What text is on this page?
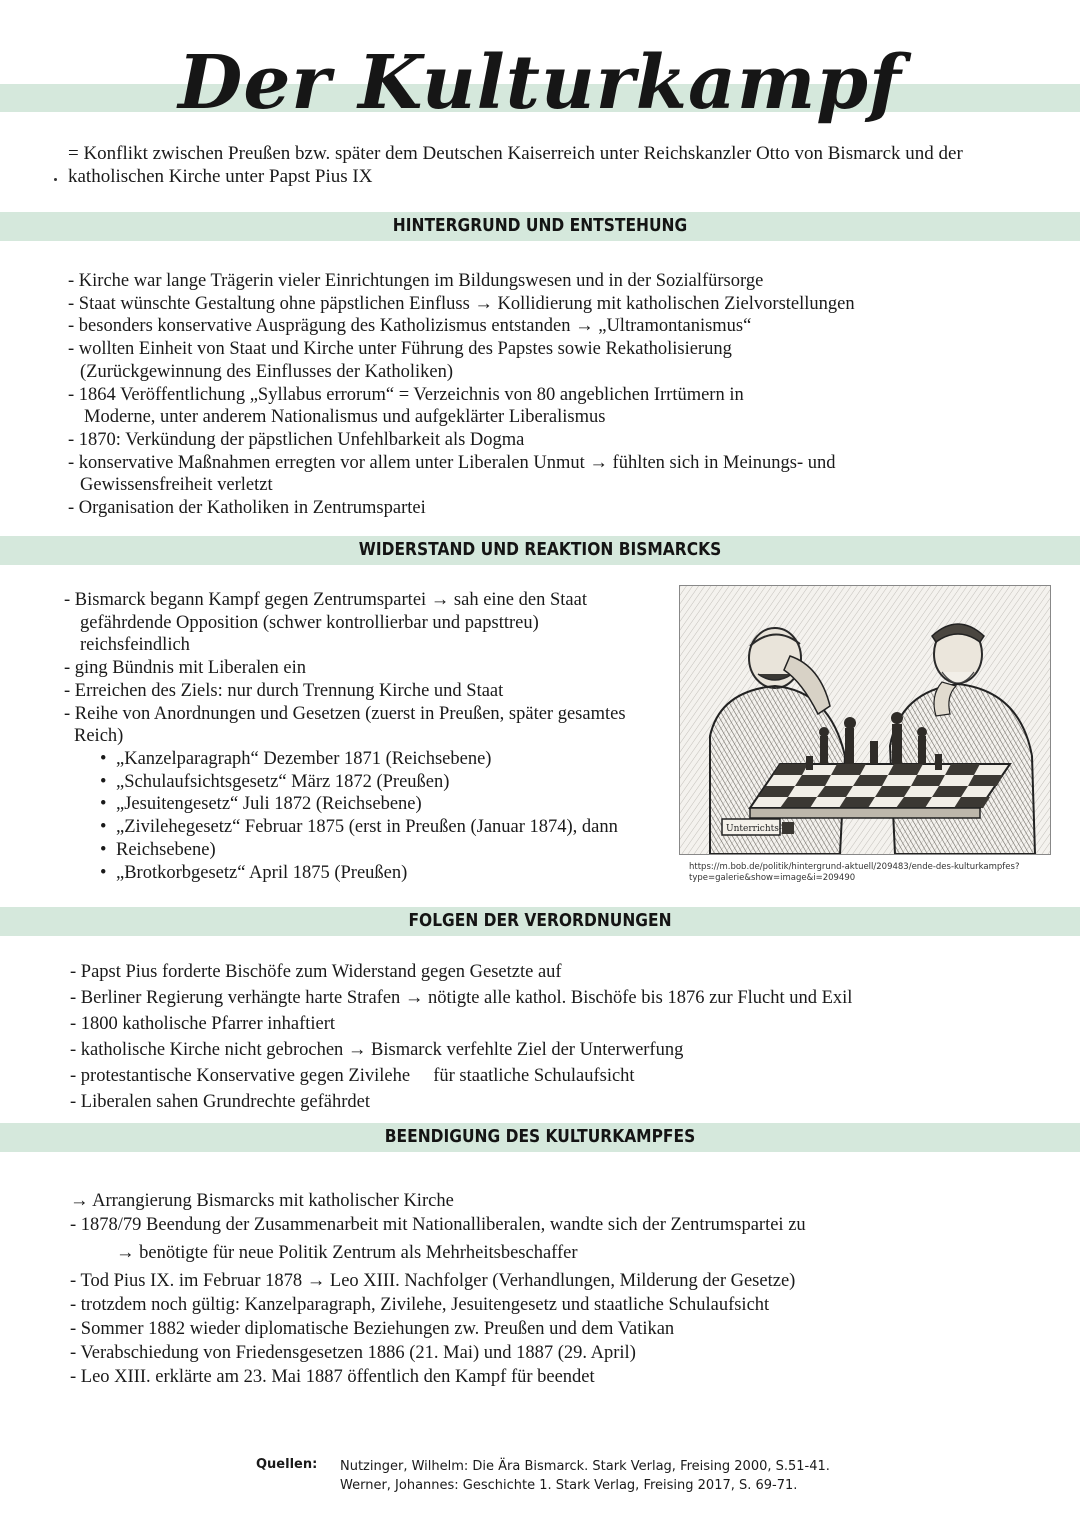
Der Kulturkampf

= Konflikt zwischen Preußen bzw. später dem Deutschen Kaiserreich unter Reichskanzler Otto von Bismarck und der katholischen Kirche unter Papst Pius IX

HINTERGRUND UND ENTSTEHUNG
- Kirche war lange Trägerin vieler Einrichtungen im Bildungswesen und in der Sozialfürsorge
- Staat wünschte Gestaltung ohne päpstlichen Einfluss → Kollidierung mit katholischen Zielvorstellungen
- besonders konservative Ausprägung des Katholizismus entstanden → „Ultramontanismus“
- wollten Einheit von Staat und Kirche unter Führung des Papstes sowie Rekatholisierung
(Zurückgewinnung des Einflusses der Katholiken)
- 1864 Veröffentlichung „Syllabus errorum“ = Verzeichnis von 80 angeblichen Irrtümern in
Moderne, unter anderem Nationalismus und aufgeklärter Liberalismus
- 1870: Verkündung der päpstlichen Unfehlbarkeit als Dogma
- konservative Maßnahmen erregten vor allem unter Liberalen Unmut → fühlten sich in Meinungs- und
Gewissensfreiheit verletzt
- Organisation der Katholiken in Zentrumspartei
WIDERSTAND UND REAKTION BISMARCKS
- Bismarck begann Kampf gegen Zentrumspartei → sah eine den Staat
gefährdende Opposition (schwer kontrollierbar und papsttreu)
reichsfeindlich
- ging Bündnis mit Liberalen ein
- Erreichen des Ziels: nur durch Trennung Kirche und Staat
- Reihe von Anordnungen und Gesetzen (zuerst in Preußen, später gesamtes
Reich)
• „Kanzelparagraph“ Dezember 1871 (Reichsebene)
• „Schulaufsichtsgesetz“ März 1872 (Preußen)
• „Jesuitengesetz“ Juli 1872 (Reichsebene)
• „Zivilehegesetz“ Februar 1875 (erst in Preußen (Januar 1874), dann
• Reichsebene)
• „Brotkorbgesetz“ April 1875 (Preußen)
Unterrichts-

https://m.bob.de/politik/hintergrund-aktuell/209483/ende-des-kulturkampfes?
type=galerie&show=image&i=209490

FOLGEN DER VERORDNUNGEN
- Papst Pius forderte Bischöfe zum Widerstand gegen Gesetzte auf
- Berliner Regierung verhängte harte Strafen → nötigte alle kathol. Bischöfe bis 1876 zur Flucht und Exil
- 1800 katholische Pfarrer inhaftiert
- katholische Kirche nicht gebrochen → Bismarck verfehlte Ziel der Unterwerfung
- protestantische Konservative gegen Zivilehe     für staatliche Schulaufsicht
- Liberalen sahen Grundrechte gefährdet
BEENDIGUNG DES KULTURKAMPFES
→ Arrangierung Bismarcks mit katholischer Kirche
- 1878/79 Beendung der Zusammenarbeit mit Nationalliberalen, wandte sich der Zentrumspartei zu
→ benötigte für neue Politik Zentrum als Mehrheitsbeschaffer
- Tod Pius IX. im Februar 1878 → Leo XIII. Nachfolger (Verhandlungen, Milderung der Gesetze)
- trotzdem noch gültig: Kanzelparagraph, Zivilehe, Jesuitengesetz und staatliche Schulaufsicht
- Sommer 1882 wieder diplomatische Beziehungen zw. Preußen und dem Vatikan
- Verabschiedung von Friedensgesetzen 1886 (21. Mai) und 1887 (29. April)
- Leo XIII. erklärte am 23. Mai 1887 öffentlich den Kampf für beendet

Quellen: Nutzinger, Wilhelm: Die Ära Bismarck. Stark Verlag, Freising 2000, S.51-41.
Werner, Johannes: Geschichte 1. Stark Verlag, Freising 2017, S. 69-71.
